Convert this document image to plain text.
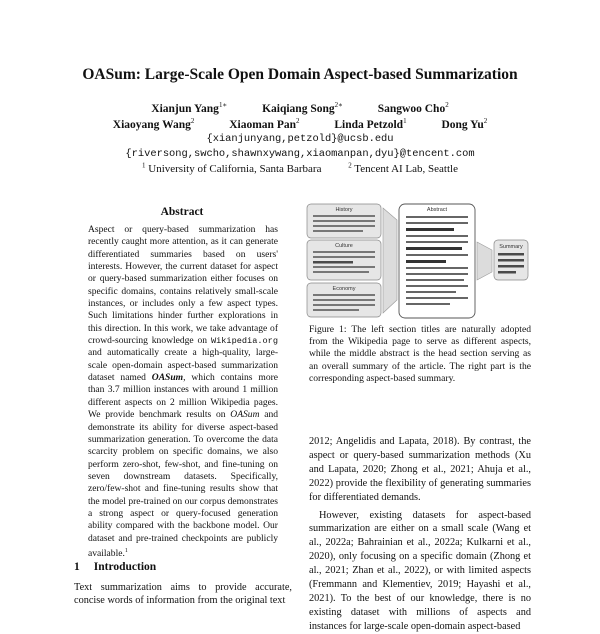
OASum: Large-Scale Open Domain Aspect-based Summarization
Xianjun Yang$^{1∗}$	Kaiqiang Song$^{2∗}$	Sangwoo Cho$^2$
Xiaoyang Wang$^2$	Xiaoman Pan$^2$	Linda Petzold$^1$	Dong Yu$^2$
{xianjunyang,petzold}@ucsb.edu
{riversong,swcho,shawnxywang,xiaomanpan,dyu}@tencent.com
$^1$ University of California, Santa Barbara	$^2$ Tencent AI Lab, Seattle
Abstract
Aspect or query-based summarization has recently caught more attention, as it can generate differentiated summaries based on users' interests. However, the current dataset for aspect or query-based summarization either focuses on specific domains, contains relatively small-scale instances, or includes only a few aspect types. Such limitations hinder further explorations in this direction. In this work, we take advantage of crowd-sourcing knowledge on Wikipedia.org and automatically create a high-quality, large-scale open-domain aspect-based summarization dataset named OASum, which contains more than 3.7 million instances with around 1 million different aspects on 2 million Wikipedia pages. We provide benchmark results on OASum and demonstrate its ability for diverse aspect-based summarization generation. To overcome the data scarcity problem on specific domains, we also perform zero-shot, few-shot, and fine-tuning on seven downstream datasets. Specifically, zero/few-shot and fine-tuning results show that the model pre-trained on our corpus demonstrates a strong aspect or query-focused generation ability compared with the backbone model. Our dataset and pre-trained checkpoints are publicly available.$^1$
1 Introduction
Text summarization aims to provide accurate, concise words of information from the original text
History
Culture
Economy
Abstract
Summary
Figure 1: The left section titles are naturally adopted from the Wikipedia page to serve as different aspects, while the middle abstract is the head section serving as an overall summary of the article. The right part is the corresponding aspect-based summary.

2012; Angelidis and Lapata, 2018). By contrast, the aspect or query-based summarization methods (Xu and Lapata, 2020; Zhong et al., 2021; Ahuja et al., 2022) provide the flexibility of generating summaries for differentiated demands.

However, existing datasets for aspect-based summarization are either on a small scale (Wang et al., 2022a; Bahrainian et al., 2022a; Kulkarni et al., 2020), only focusing on a specific domain (Zhong et al., 2021; Zhan et al., 2022), or with limited aspects (Fremmann and Klementiev, 2019; Hayashi et al., 2021). To the best of our knowledge, there is no existing dataset with millions of aspects and instances for large-scale open-domain aspect-based
